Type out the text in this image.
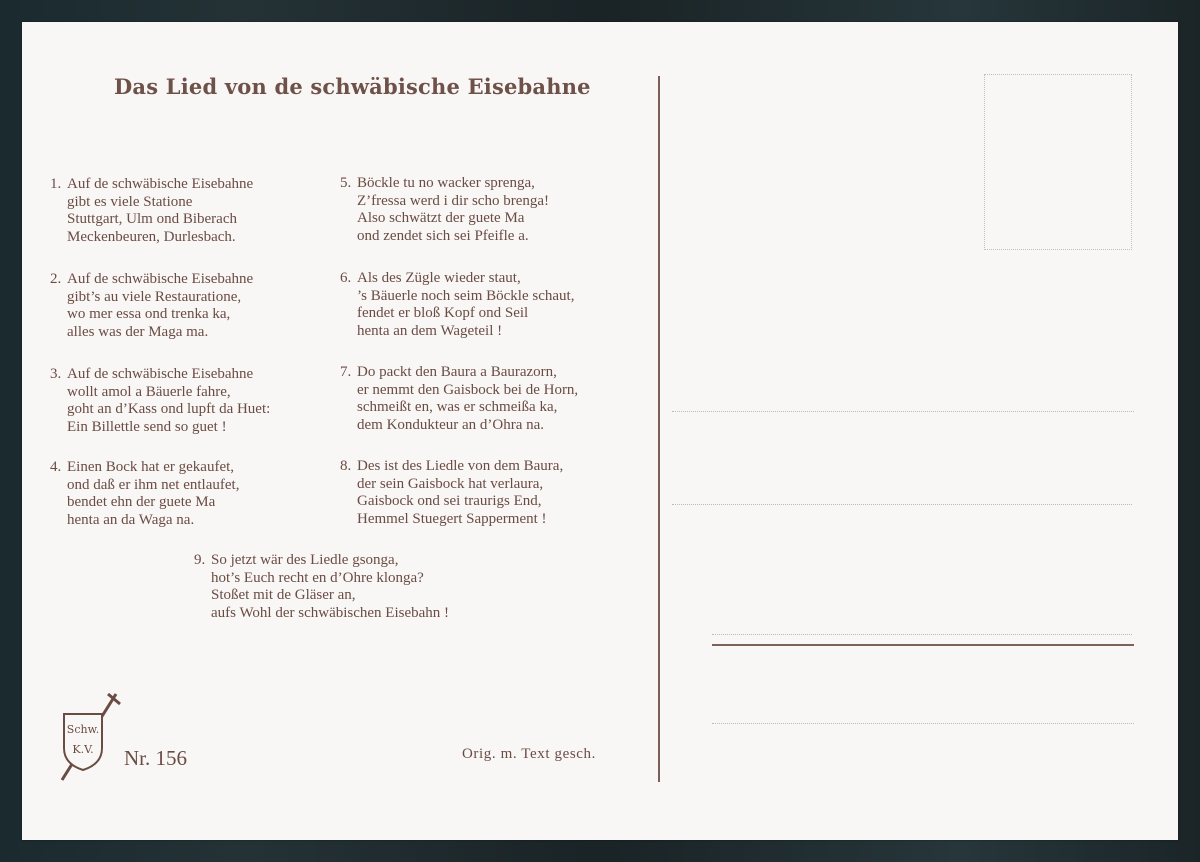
Das Lied von de schwäbische Eisebahne

1. Auf de schwäbische Eisebahne
gibt es viele Statione
Stuttgart, Ulm ond Biberach
Meckenbeuren, Durlesbach.

2. Auf de schwäbische Eisebahne
gibt’s au viele Restauratione,
wo mer essa ond trenka ka,
alles was der Maga ma.

3. Auf de schwäbische Eisebahne
wollt amol a Bäuerle fahre,
goht an d’Kass ond lupft da Huet:
Ein Billettle send so guet !

4. Einen Bock hat er gekaufet,
ond daß er ihm net entlaufet,
bendet ehn der guete Ma
henta an da Waga na.

5. Böckle tu no wacker sprenga,
Z’fressa werd i dir scho brenga!
Also schwätzt der guete Ma
ond zendet sich sei Pfeifle a.

6. Als des Zügle wieder staut,
’s Bäuerle noch seim Böckle schaut,
fendet er bloß Kopf ond Seil
henta an dem Wageteil !

7. Do packt den Baura a Baurazorn,
er nemmt den Gaisbock bei de Horn,
schmeißt en, was er schmeißa ka,
dem Kondukteur an d’Ohra na.

8. Des ist des Liedle von dem Baura,
der sein Gaisbock hat verlaura,
Gaisbock ond sei traurigs End,
Hemmel Stuegert Sapperment !

9. So jetzt wär des Liedle gsonga,
hot’s Euch recht en d’Ohre klonga?
Stoßet mit de Gläser an,
aufs Wohl der schwäbischen Eisebahn !

Schw.
K.V. Nr. 156	Orig. m. Text gesch.
